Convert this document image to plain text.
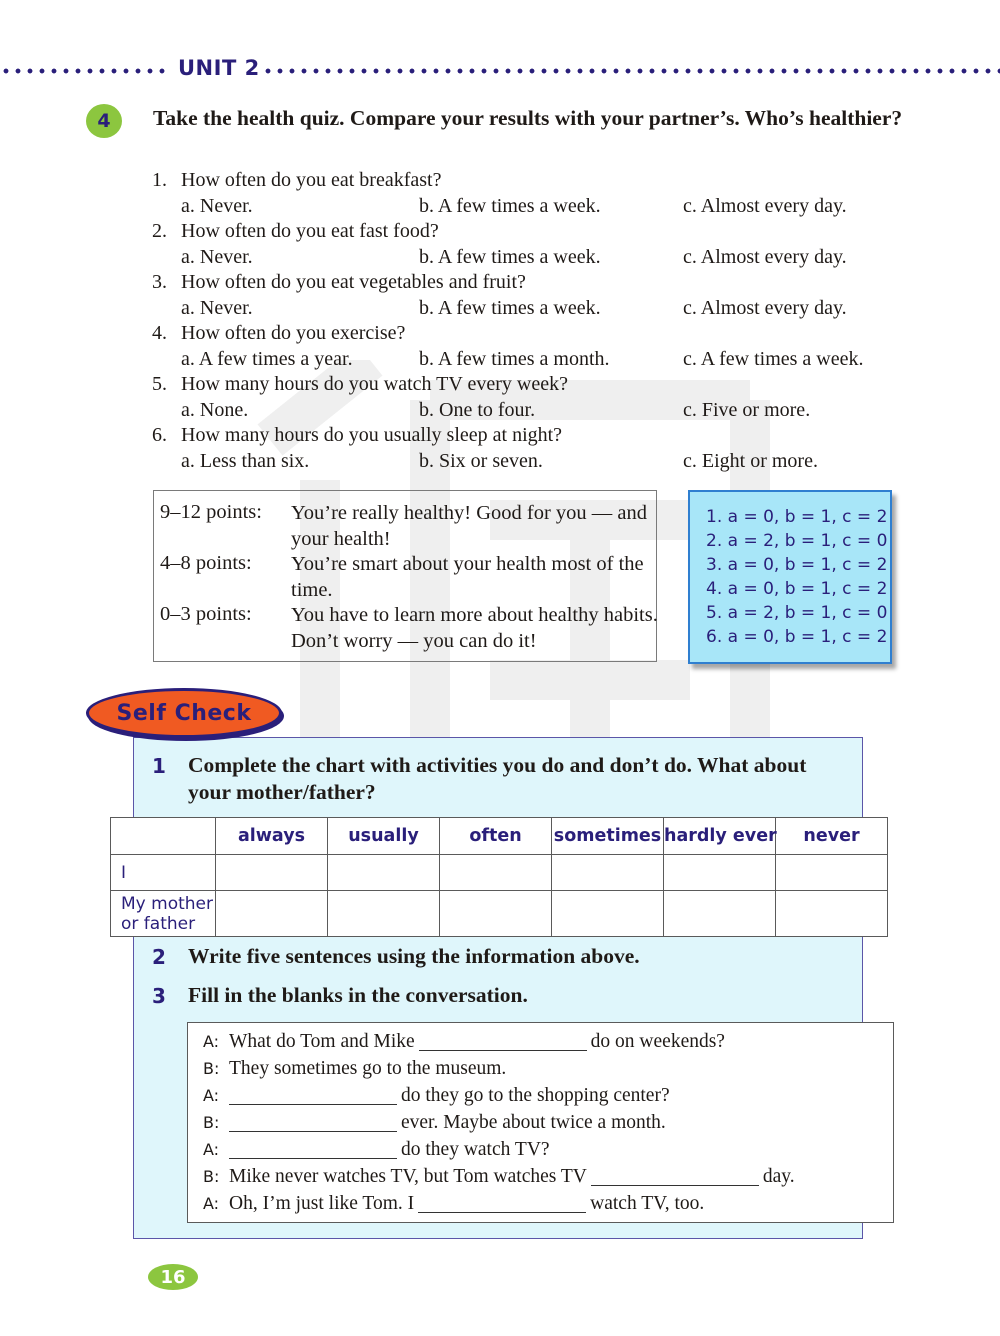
UNIT 2
4	Take the health quiz. Compare your results with your partner’s. Who’s healthier?
1. How often do you eat breakfast?
a. Never.	b. A few times a week.	c. Almost every day.
2. How often do you eat fast food?
a. Never.	b. A few times a week.	c. Almost every day.
3. How often do you eat vegetables and fruit?
a. Never.	b. A few times a week.	c. Almost every day.
4. How often do you exercise?
a. A few times a year.	b. A few times a month.	c. A few times a week.
5. How many hours do you watch TV every week?
a. None.	b. One to four.	c. Five or more.
6. How many hours do you usually sleep at night?
a. Less than six.	b. Six or seven.	c. Eight or more.
9–12 points: You’re really healthy! Good for you — and your health!
4–8 points: You’re smart about your health most of the time.
0–3 points: You have to learn more about healthy habits. Don’t worry — you can do it!
1. a = 0, b = 1, c = 2
2. a = 2, b = 1, c = 0
3. a = 0, b = 1, c = 2
4. a = 0, b = 1, c = 2
5. a = 2, b = 1, c = 0
6. a = 0, b = 1, c = 2
Self Check
1 Complete the chart with activities you do and don’t do. What about your mother/father?
	always	usually	often	sometimes	hardly ever	never
I						
My mother or father						
2 Write five sentences using the information above.
3 Fill in the blanks in the conversation.
A: What do Tom and Mike	do on weekends?
B: They sometimes go to the museum.
A:	do they go to the shopping center?
B:	ever. Maybe about twice a month.
A:	do they watch TV?
B: Mike never watches TV, but Tom watches TV	day.
A: Oh, I’m just like Tom. I	watch TV, too.
16
